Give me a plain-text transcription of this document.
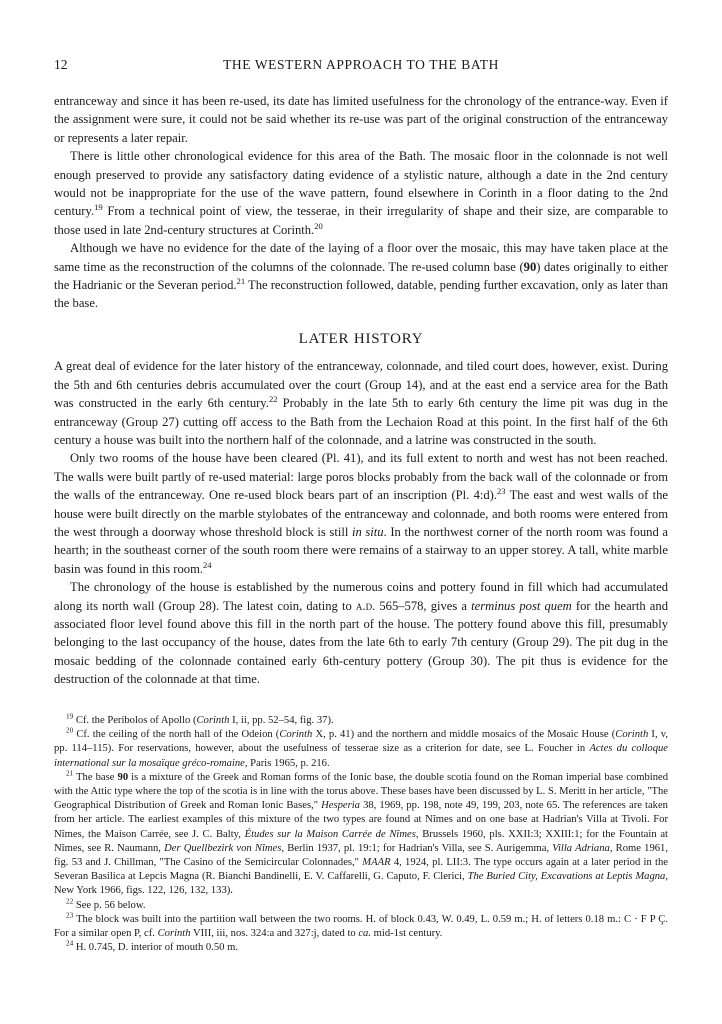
12	THE WESTERN APPROACH TO THE BATH

entranceway and since it has been re-used, its date has limited usefulness for the chronology of the entrance-way. Even if the assignment were sure, it could not be said whether its re-use was part of the original construction of the entranceway or represents a later repair.

There is little other chronological evidence for this area of the Bath. The mosaic floor in the colonnade is not well enough preserved to provide any satisfactory dating evidence of a stylistic nature, although a date in the 2nd century would not be inappropriate for the use of the wave pattern, found elsewhere in Corinth in a floor dating to the 2nd century.$^{19}$ From a technical point of view, the tesserae, in their irregularity of shape and their size, are comparable to those used in late 2nd-century structures at Corinth.$^{20}$

Although we have no evidence for the date of the laying of a floor over the mosaic, this may have taken place at the same time as the reconstruction of the columns of the colonnade. The re-used column base (90) dates originally to either the Hadrianic or the Severan period.$^{21}$ The reconstruction followed, datable, pending further excavation, only as later than the base.

LATER HISTORY

A great deal of evidence for the later history of the entranceway, colonnade, and tiled court does, however, exist. During the 5th and 6th centuries debris accumulated over the court (Group 14), and at the east end a service area for the Bath was constructed in the early 6th century.$^{22}$ Probably in the late 5th to early 6th century the lime pit was dug in the entranceway (Group 27) cutting off access to the Bath from the Lechaion Road at this point. In the first half of the 6th century a house was built into the northern half of the colonnade, and a latrine was constructed in the south.

Only two rooms of the house have been cleared (Pl. 41), and its full extent to north and west has not been reached. The walls were built partly of re-used material: large poros blocks probably from the back wall of the colonnade or from the walls of the entranceway. One re-used block bears part of an inscription (Pl. 4:d).$^{23}$ The east and west walls of the house were built directly on the marble stylobates of the entranceway and colonnade, and both rooms were entered from the west through a doorway whose threshold block is still in situ. In the northwest corner of the north room was found a hearth; in the southeast corner of the south room there were remains of a stairway to an upper storey. A tall, white marble basin was found in this room.$^{24}$

The chronology of the house is established by the numerous coins and pottery found in fill which had accumulated along its north wall (Group 28). The latest coin, dating to a.d. 565–578, gives a terminus post quem for the hearth and associated floor level found above this fill in the north part of the house. The pottery found above this fill, presumably belonging to the last occupancy of the house, dates from the late 6th to early 7th century (Group 29). The pit dug in the mosaic bedding of the colonnade contained early 6th-century pottery (Group 30). The pit thus is evidence for the destruction of the colonnade at that time.

$^{19}$ Cf. the Peribolos of Apollo (Corinth I, ii, pp. 52–54, fig. 37).

$^{20}$ Cf. the ceiling of the north hall of the Odeion (Corinth X, p. 41) and the northern and middle mosaics of the Mosaic House (Corinth I, v, pp. 114–115). For reservations, however, about the usefulness of tesserae size as a criterion for date, see L. Foucher in Actes du colloque international sur la mosaïque gréco-romaine, Paris 1965, p. 216.

$^{21}$ The base 90 is a mixture of the Greek and Roman forms of the Ionic base, the double scotia found on the Roman imperial base combined with the Attic type where the top of the scotia is in line with the torus above. These bases have been discussed by L. S. Meritt in her article, "The Geographical Distribution of Greek and Roman Ionic Bases," Hesperia 38, 1969, pp. 198, note 49, 199, 203, note 65. The references are taken from her article. The earliest examples of this mixture of the two types are found at Nîmes and on one base at Hadrian's Villa at Tivoli. For Nîmes, the Maison Carrée, see J. C. Balty, Études sur la Maison Carrée de Nîmes, Brussels 1960, pls. XXII:3; XXIII:1; for the Fountain at Nîmes, see R. Naumann, Der Quellbezirk von Nîmes, Berlin 1937, pl. 19:1; for Hadrian's Villa, see S. Aurigemma, Villa Adriana, Rome 1961, fig. 53 and J. Chillman, "The Casino of the Semicircular Colonnades," MAAR 4, 1924, pl. LII:3. The type occurs again at a later period in the Severan Basilica at Lepcis Magna (R. Bianchi Bandinelli, E. V. Caffarelli, G. Caputo, F. Clerici, The Buried City, Excavations at Leptis Magna, New York 1966, figs. 122, 126, 132, 133).

$^{22}$ See p. 56 below.

$^{23}$ The block was built into the partition wall between the two rooms. H. of block 0.43, W. 0.49, L. 0.59 m.; H. of letters 0.18 m.: C · F P Ç. For a similar open P, cf. Corinth VIII, iii, nos. 324:a and 327:j, dated to ca. mid-1st century.

$^{24}$ H. 0.745, D. interior of mouth 0.50 m.
